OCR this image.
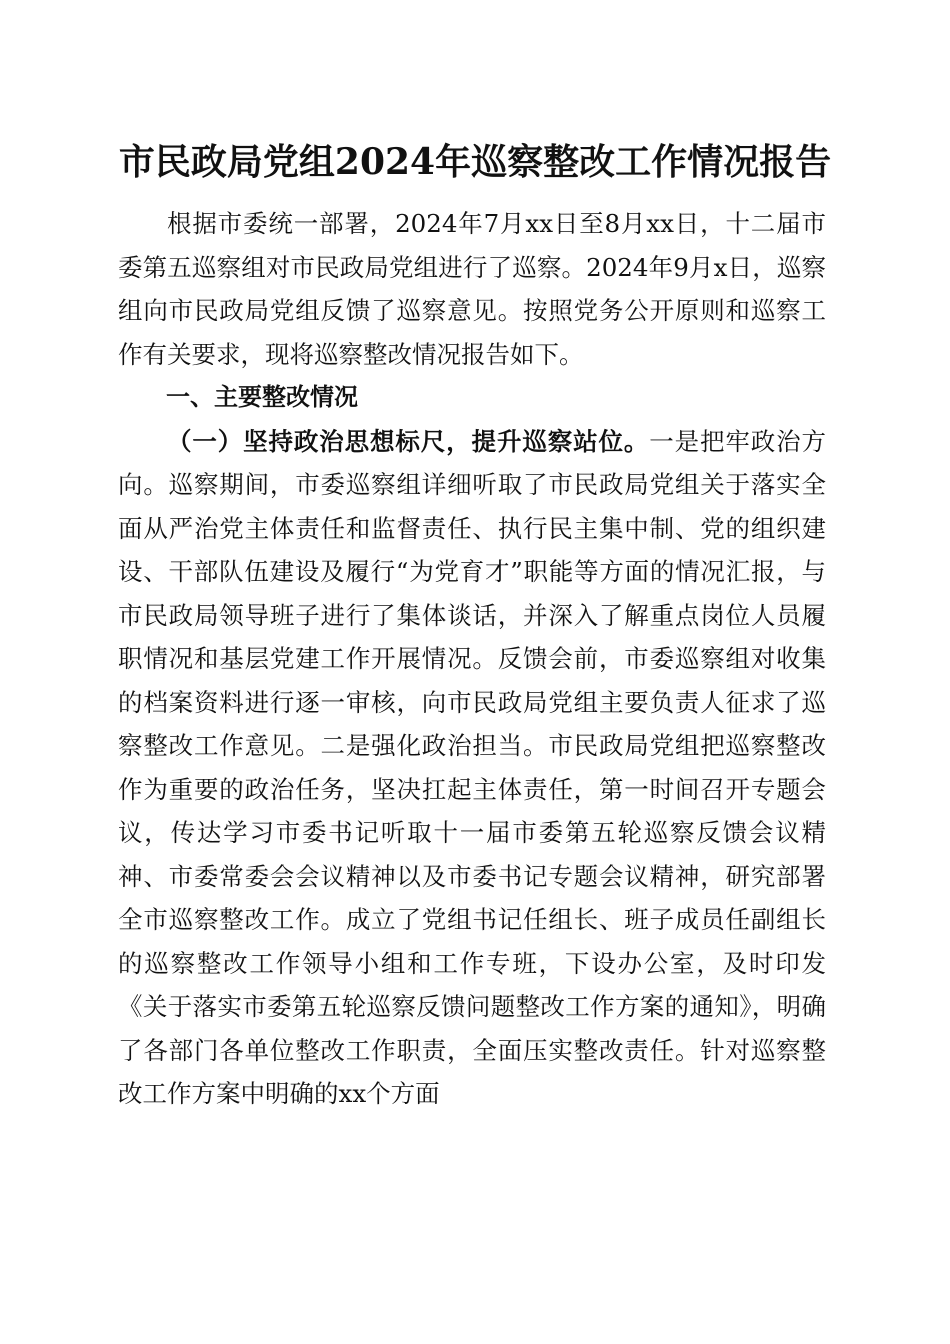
市民政局党组2024年巡察整改工作情况报告

根据市委统一部署，2024年7月xx日至8月xx日，十二届市委第五巡察组对市民政局党组进行了巡察。2024年9月x日，巡察组向市民政局党组反馈了巡察意见。按照党务公开原则和巡察工作有关要求，现将巡察整改情况报告如下。

一、主要整改情况

（一）坚持政治思想标尺，提升巡察站位。一是把牢政治方向。巡察期间，市委巡察组详细听取了市民政局党组关于落实全面从严治党主体责任和监督责任、执行民主集中制、党的组织建设、干部队伍建设及履行“为党育才”职能等方面的情况汇报，与市民政局领导班子进行了集体谈话，并深入了解重点岗位人员履职情况和基层党建工作开展情况。反馈会前，市委巡察组对收集的档案资料进行逐一审核，向市民政局党组主要负责人征求了巡察整改工作意见。二是强化政治担当。市民政局党组把巡察整改作为重要的政治任务，坚决扛起主体责任，第一时间召开专题会议，传达学习市委书记听取十一届市委第五轮巡察反馈会议精神、市委常委会会议精神以及市委书记专题会议精神，研究部署全市巡察整改工作。成立了党组书记任组长、班子成员任副组长的巡察整改工作领导小组和工作专班，下设办公室，及时印发《关于落实市委第五轮巡察反馈问题整改工作方案的通知》，明确了各部门各单位整改工作职责，全面压实整改责任。针对巡察整改工作方案中明确的xx个方面
